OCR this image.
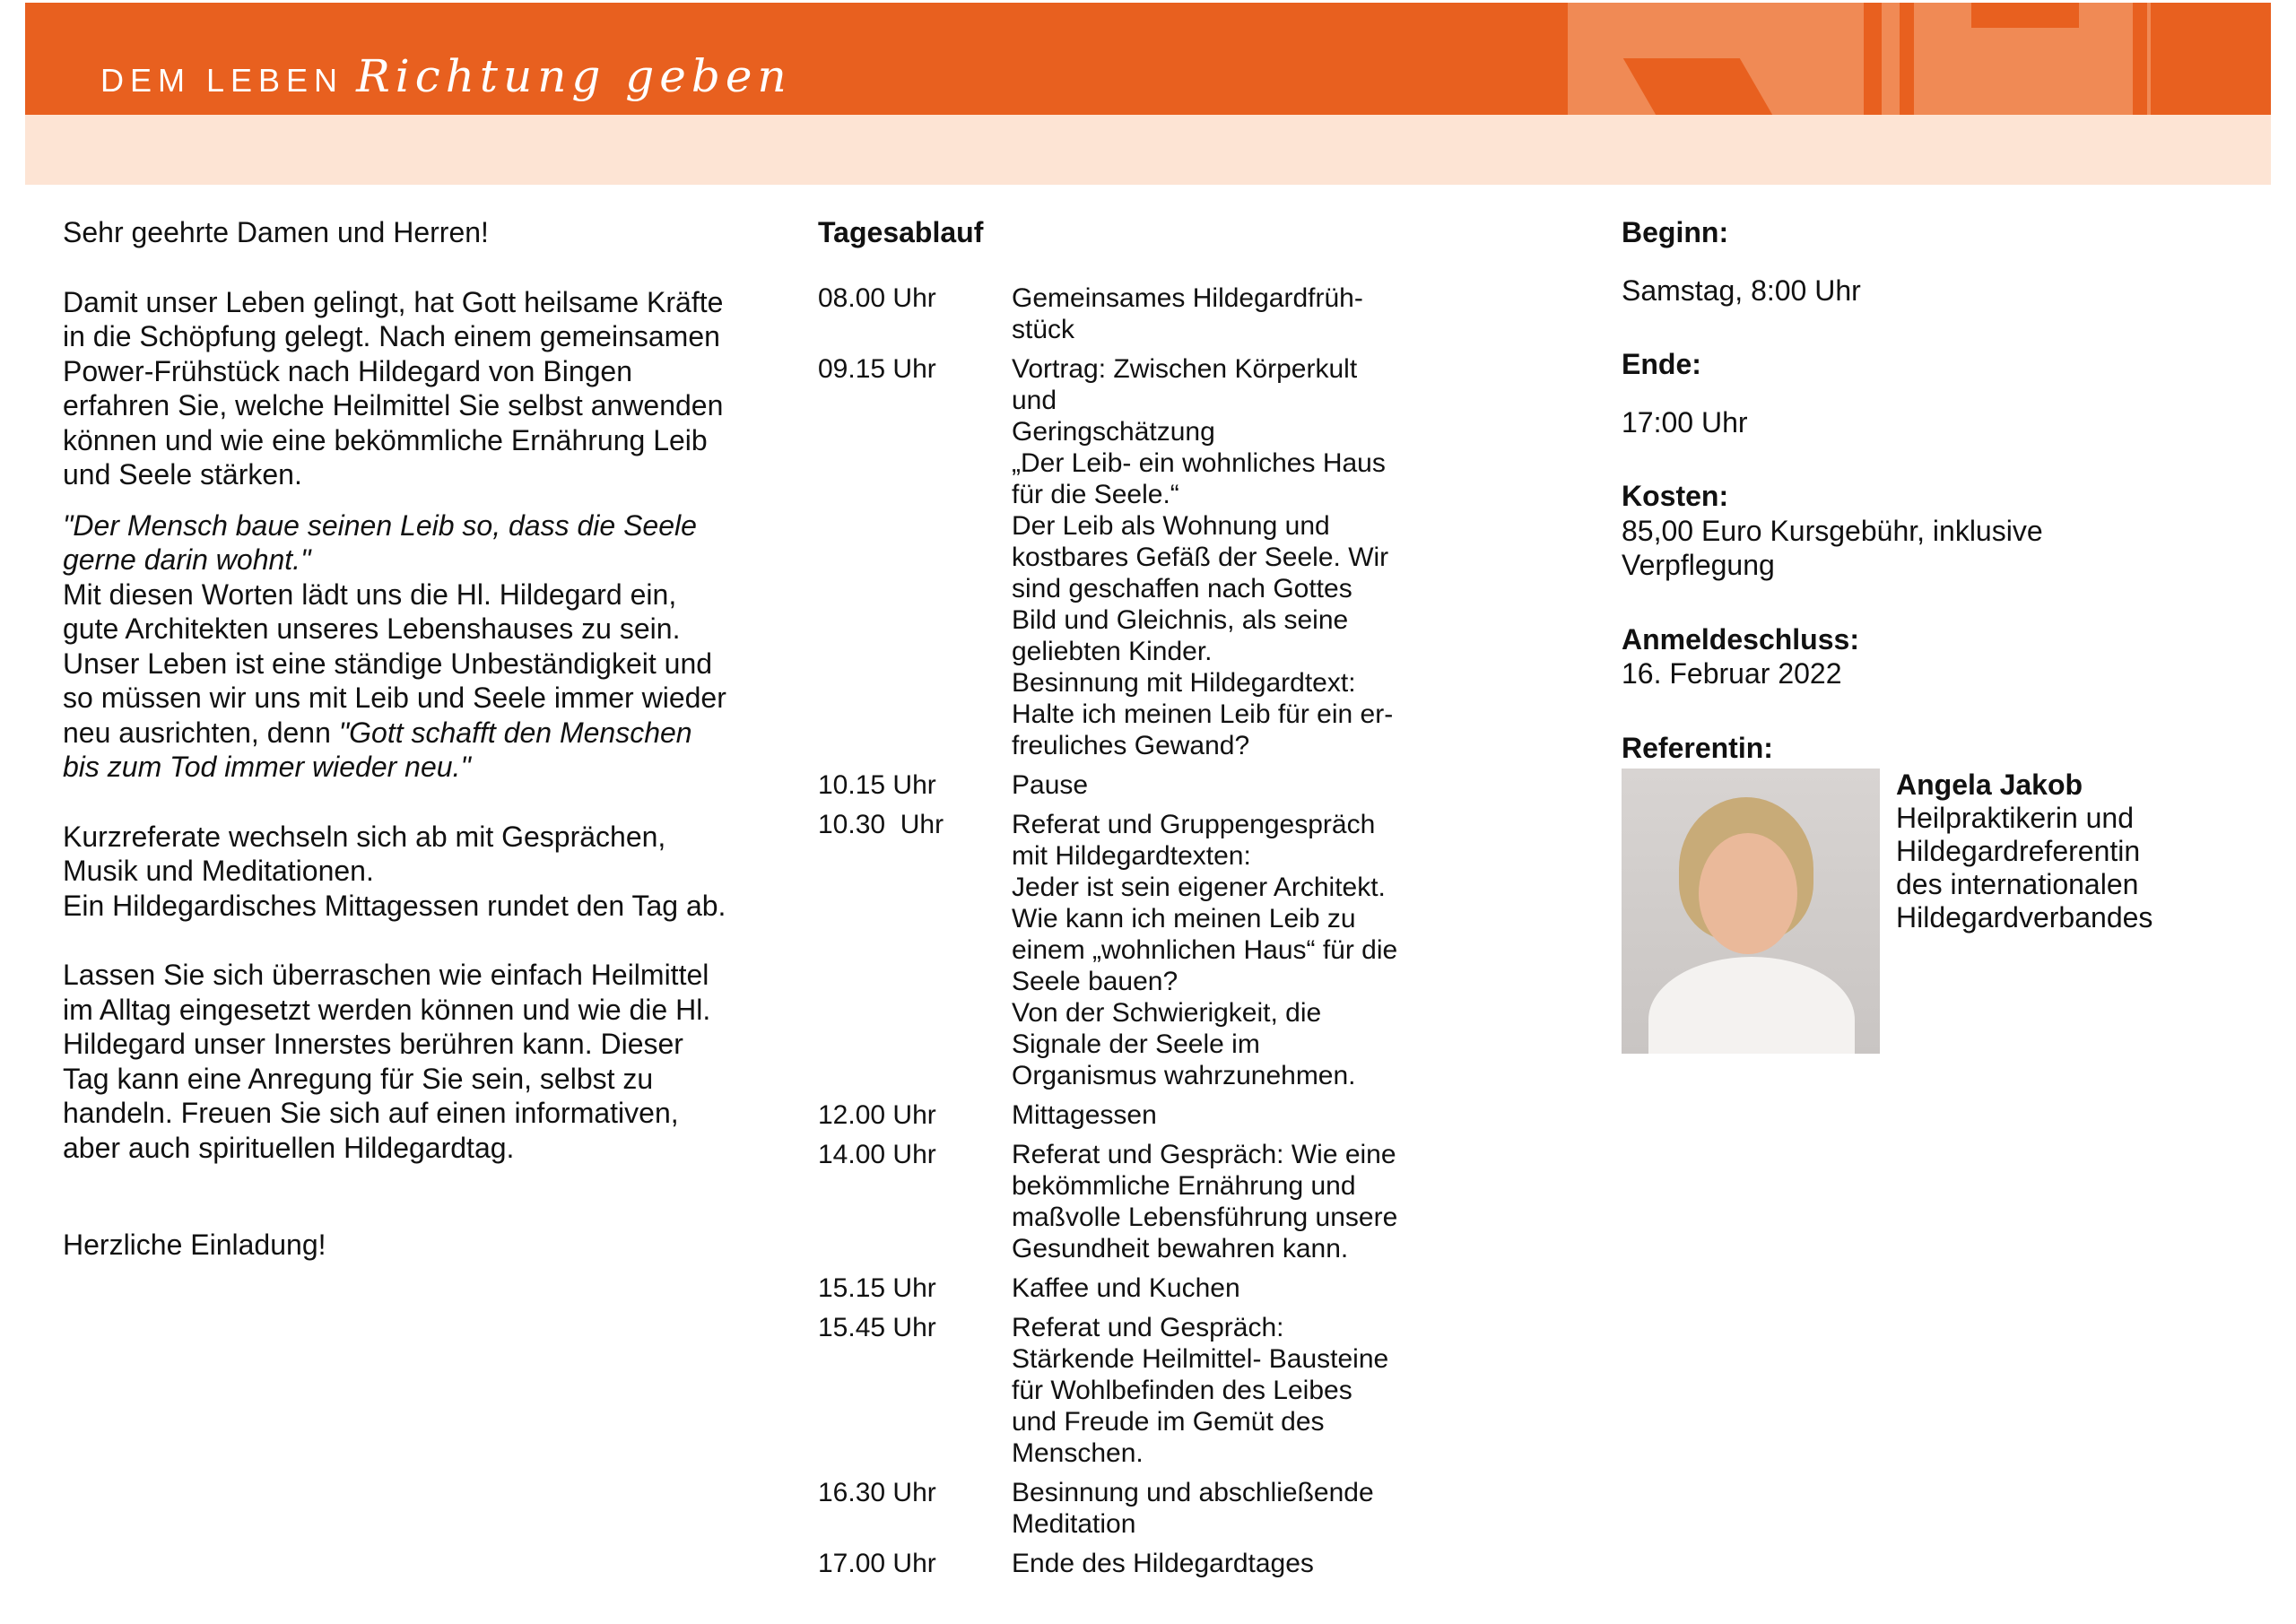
DEM LEBEN Richtung geben

Sehr geehrte Damen und Herren!

Damit unser Leben gelingt, hat Gott heilsame Kräfte in die Schöpfung gelegt. Nach einem gemeinsamen Power-Frühstück nach Hildegard von Bingen erfahren Sie, welche Heilmittel Sie selbst anwenden können und wie eine bekömmliche Ernährung Leib und Seele stärken.

"Der Mensch baue seinen Leib so, dass die Seele gerne darin wohnt."

Mit diesen Worten lädt uns die Hl. Hildegard ein, gute Architekten unseres Lebenshauses zu sein. Unser Leben ist eine ständige Unbeständigkeit und so müssen wir uns mit Leib und Seele immer wieder neu ausrichten, denn "Gott schafft den Menschen bis zum Tod immer wieder neu."

Kurzreferate wechseln sich ab mit Gesprächen, Musik und Meditationen.
Ein Hildegardisches Mittagessen rundet den Tag ab.

Lassen Sie sich überraschen wie einfach Heilmittel im Alltag eingesetzt werden können und wie die Hl. Hildegard unser Innerstes berühren kann. Dieser Tag kann eine Anregung für Sie sein, selbst zu handeln. Freuen Sie sich auf einen informativen, aber auch spirituellen Hildegardtag.

Herzliche Einladung!

Tagesablauf

08.00 Uhr	Gemeinsames Hildegardfrüh-
stück
09.15 Uhr	Vortrag: Zwischen Körperkult
und
Geringschätzung
„Der Leib- ein wohnliches Haus
für die Seele.“
Der Leib als Wohnung und
kostbares Gefäß der Seele. Wir
sind geschaffen nach Gottes
Bild und Gleichnis, als seine
geliebten Kinder.
Besinnung mit Hildegardtext:
Halte ich meinen Leib für ein er-
freuliches Gewand?
10.15 Uhr	Pause
10.30  Uhr	Referat und Gruppengespräch
mit Hildegardtexten:
Jeder ist sein eigener Architekt.
Wie kann ich meinen Leib zu
einem „wohnlichen Haus“ für die
Seele bauen?
Von der Schwierigkeit, die
Signale der Seele im
Organismus wahrzunehmen.
12.00 Uhr	Mittagessen
14.00 Uhr	Referat und Gespräch: Wie eine
bekömmliche Ernährung und
maßvolle Lebensführung unsere
Gesundheit bewahren kann.
15.15 Uhr	Kaffee und Kuchen
15.45 Uhr	Referat und Gespräch:
Stärkende Heilmittel- Bausteine
für Wohlbefinden des Leibes
und Freude im Gemüt des
Menschen.
16.30 Uhr	Besinnung und abschließende
Meditation
17.00 Uhr	Ende des Hildegardtages

Beginn:

Samstag, 8:00 Uhr

Ende:

17:00 Uhr

Kosten:

85,00 Euro Kursgebühr, inklusive Verpflegung

Anmeldeschluss:

16. Februar 2022

Referentin:

Angela Jakob
Heilpraktikerin und
Hildegardreferentin
des internationalen
Hildegardverbandes
